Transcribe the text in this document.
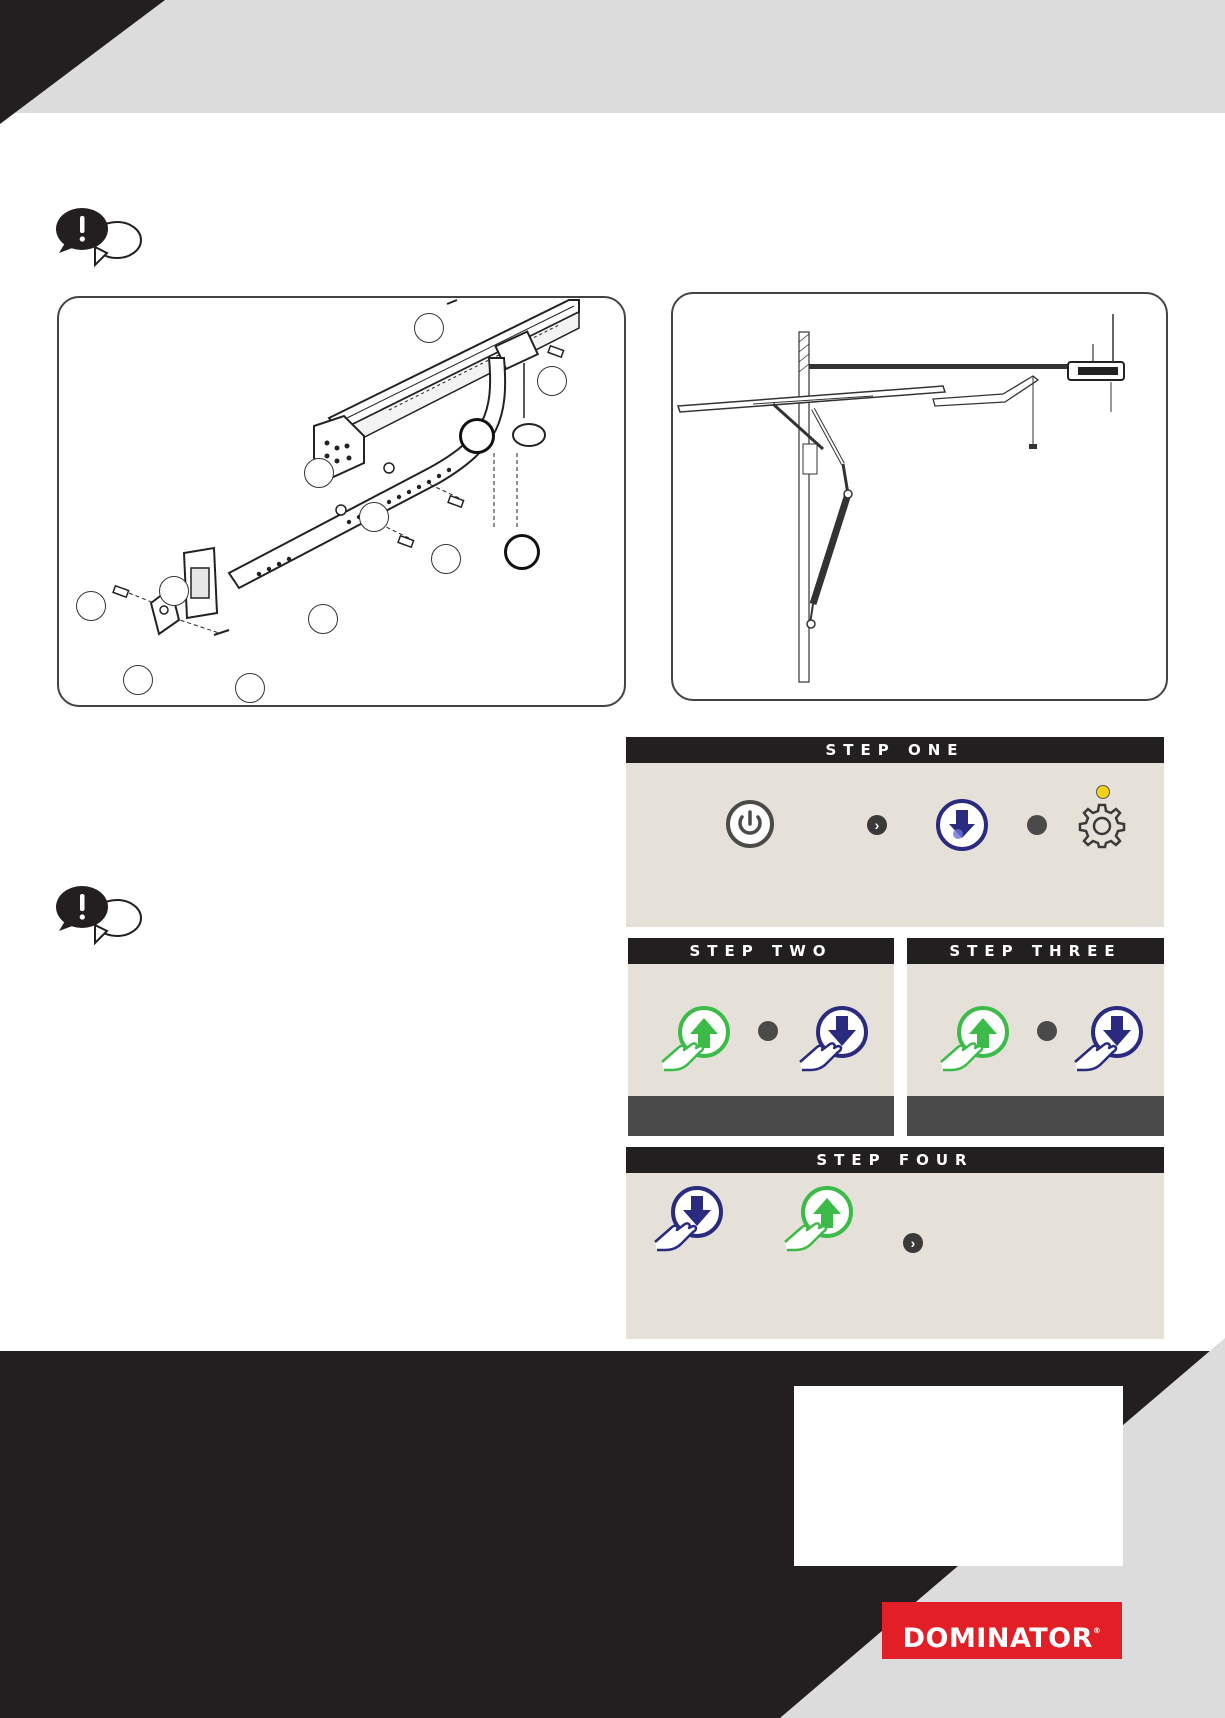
STEP ONE
›
STEP TWO	STEP THREE
STEP FOUR
›
DOMINATOR®
